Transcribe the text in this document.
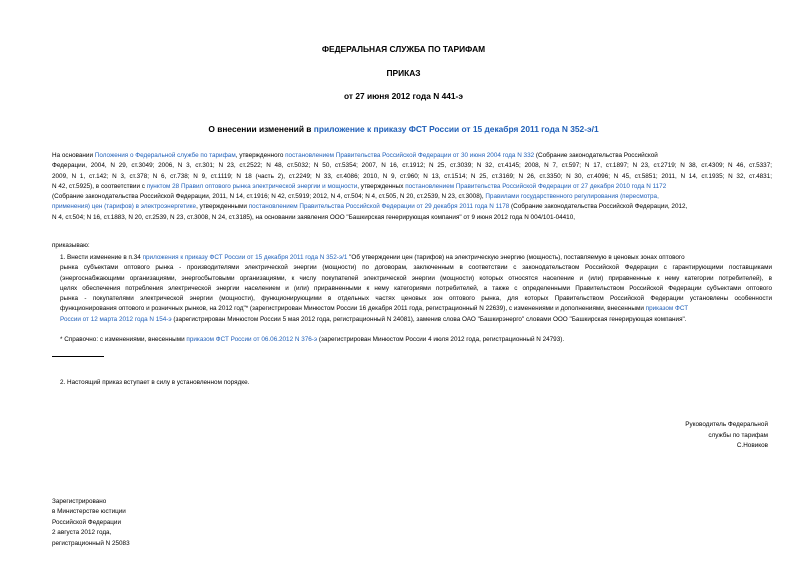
ФЕДЕРАЛЬНАЯ СЛУЖБА ПО ТАРИФАМ
ПРИКАЗ
от 27 июня 2012 года N 441-э
О внесении изменений в приложение к приказу ФСТ России от 15 декабря 2011 года N 352-э/1
На основании Положения о Федеральной службе по тарифам, утвержденного постановлением Правительства Российской Федерации от 30 июня 2004 года N 332 (Собрание законодательства Российской
Федерации, 2004, N 29, ст.3049; 2006, N 3, ст.301; N 23, ст.2522; N 48, ст.5032; N 50, ст.5354; 2007, N 16, ст.1912; N 25, ст.3039; N 32, ст.4145; 2008, N 7, ст.597; N 17, ст.1897; N 23, ст.2719; N 38, ст.4309; N 46, ст.5337;
2009, N 1, ст.142; N 3, ст.378; N 6, ст.738; N 9, ст.1119; N 18 (часть 2), ст.2249; N 33, ст.4086; 2010, N 9, ст.960; N 13, ст.1514; N 25, ст.3169; N 26, ст.3350; N 30, ст.4096; N 45, ст.5851; 2011, N 14, ст.1935; N 32, ст.4831;
N 42, ст.5925), в соответствии с пунктом 28 Правил оптового рынка электрической энергии и мощности, утвержденных постановлением Правительства Российской Федерации от 27 декабря 2010 года N 1172
(Собрание законодательства Российской Федерации, 2011, N 14, ст.1916; N 42, ст.5919; 2012, N 4, ст.504; N 4, ст.505, N 20, ст.2539, N 23, ст.3008), Правилами государственного регулирования (пересмотра,
применения) цен (тарифов) в электроэнергетике, утвержденными постановлением Правительства Российской Федерации от 29 декабря 2011 года N 1178 (Собрание законодательства Российской Федерации, 2012,
N 4, ст.504; N 16, ст.1883, N 20, ст.2539, N 23, ст.3008, N 24, ст.3185), на основании заявления ООО "Башкирская генерирующая компания" от 9 июня 2012 года N 004/101-04410,
приказываю:
1. Внести изменение в п.34 приложения к приказу ФСТ России от 15 декабря 2011 года N 352-э/1 "Об утверждении цен (тарифов) на электрическую энергию (мощность), поставляемую в ценовых зонах оптового
рынка субъектами оптового рынка - производителями электрической энергии (мощности) по договорам, заключенным в соответствии с законодательством Российской Федерации с гарантирующими поставщиками
(энергоснабжающими организациями, энергосбытовыми организациями, к числу покупателей электрической энергии (мощности) которых относятся население и (или) приравненные к нему категории потребителей), в
целях обеспечения потребления электрической энергии населением и (или) приравненными к нему категориями потребителей, а также с определенными Правительством Российской Федерации субъектами оптового
рынка - покупателями электрической энергии (мощности), функционирующими в отдельных частях ценовых зон оптового рынка, для которых Правительством Российской Федерации установлены особенности
функционирования оптового и розничных рынков, на 2012 год"* (зарегистрирован Минюстом России 16 декабря 2011 года, регистрационный N 22639), с изменениями и дополнениями, внесенными приказом ФСТ
России от 12 марта 2012 года N 154-э (зарегистрирован Минюстом России 5 мая 2012 года, регистрационный N 24081), заменив слова ОАО "Башкирэнерго" словами ООО "Башкирская генерирующая компания".
* Справочно: с изменениями, внесенными приказом ФСТ России от 06.06.2012 N 376-э (зарегистрирован Минюстом России 4 июля 2012 года, регистрационный N 24793).
2. Настоящий приказ вступает в силу в установленном порядке.
Руководитель Федеральной
службы по тарифам
С.Новиков
Зарегистрировано
в Министерстве юстиции
Российской Федерации
2 августа 2012 года,
регистрационный N 25083
